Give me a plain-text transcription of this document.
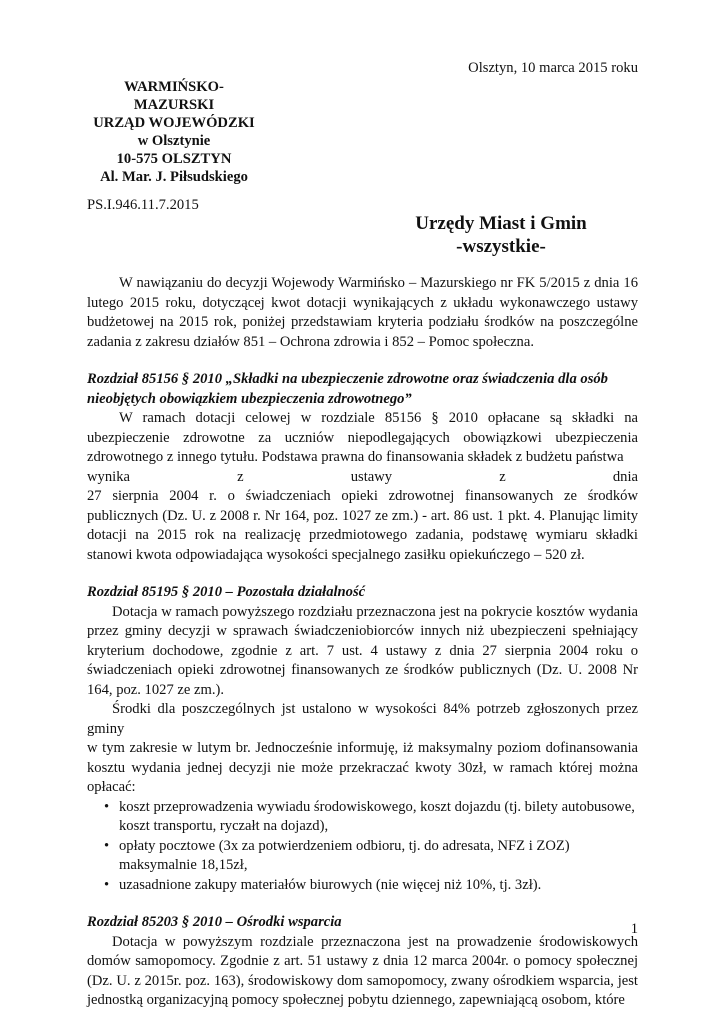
Olsztyn, 10 marca 2015 roku
WARMIŃSKO-
MAZURSKI
URZĄD WOJEWÓDZKI
w Olsztynie
10-575 OLSZTYN
Al. Mar. J. Piłsudskiego
PS.I.946.11.7.2015
Urzędy Miast i Gmin
-wszystkie-

W nawiązaniu do decyzji Wojewody Warmińsko – Mazurskiego nr FK 5/2015 z dnia 16 lutego 2015 roku, dotyczącej kwot dotacji wynikających z układu wykonawczego ustawy budżetowej na 2015 rok, poniżej przedstawiam kryteria podziału środków na poszczególne zadania z zakresu działów 851 – Ochrona zdrowia i 852 – Pomoc społeczna.

Rozdział 85156 § 2010 „Składki na ubezpieczenie zdrowotne oraz świadczenia dla osób nieobjętych obowiązkiem ubezpieczenia zdrowotnego”

W ramach dotacji celowej w rozdziale 85156 § 2010 opłacane są składki na ubezpieczenie zdrowotne za uczniów niepodlegających obowiązkowi ubezpieczenia zdrowotnego z innego tytułu. Podstawa prawna do finansowania składek z budżetu państwa

wynika	z	ustawy	z	dnia

27 sierpnia 2004 r. o świadczeniach opieki zdrowotnej finansowanych ze środków publicznych (Dz. U. z 2008 r. Nr 164, poz. 1027 ze zm.) - art. 86 ust. 1 pkt. 4. Planując limity dotacji na 2015 rok na realizację przedmiotowego zadania, podstawę wymiaru składki stanowi kwota odpowiadająca wysokości specjalnego zasiłku opiekuńczego – 520 zł.

Rozdział 85195 § 2010 – Pozostała działalność

Dotacja w ramach powyższego rozdziału przeznaczona jest na pokrycie kosztów wydania przez gminy decyzji w sprawach świadczeniobiorców innych niż ubezpieczeni spełniający kryterium dochodowe, zgodnie z art. 7 ust. 4 ustawy z dnia 27 sierpnia 2004 roku o świadczeniach opieki zdrowotnej finansowanych ze środków publicznych (Dz. U. 2008 Nr 164, poz. 1027 ze zm.).

Środki dla poszczególnych jst ustalono w wysokości 84% potrzeb zgłoszonych przez gminy

w tym zakresie w lutym br. Jednocześnie informuję, iż maksymalny poziom dofinansowania kosztu wydania jednej decyzji nie może przekraczać kwoty 30zł, w ramach której można opłacać:

• koszt przeprowadzenia wywiadu środowiskowego, koszt dojazdu (tj. bilety autobusowe, koszt transportu, ryczałt na dojazd),
• opłaty pocztowe (3x za potwierdzeniem odbioru, tj. do adresata, NFZ i ZOZ) maksymalnie 18,15zł,
• uzasadnione zakupy materiałów biurowych (nie więcej niż 10%, tj. 3zł).

Rozdział 85203 § 2010 – Ośrodki wsparcia

Dotacja w powyższym rozdziale przeznaczona jest na prowadzenie środowiskowych domów samopomocy. Zgodnie z art. 51 ustawy z dnia 12 marca 2004r. o pomocy społecznej (Dz. U. z 2015r. poz. 163), środowiskowy dom samopomocy, zwany ośrodkiem wsparcia, jest jednostką organizacyjną pomocy społecznej pobytu dziennego, zapewniającą osobom, które

1
